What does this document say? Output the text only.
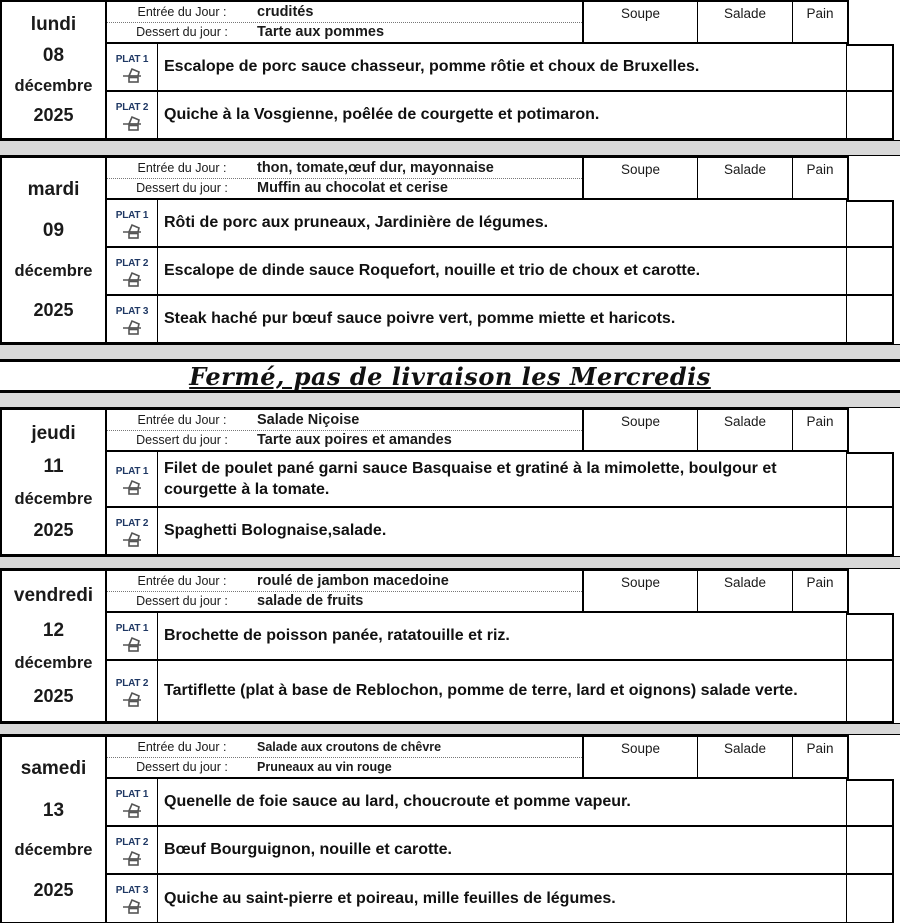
lundi
08
décembre
2025
Entrée du Jour :	crudités
Dessert du jour :	Tarte aux pommes
Soupe	Salade	Pain
PLAT 1 Escalope de porc sauce chasseur, pomme rôtie et choux de Bruxelles.
PLAT 2 Quiche à la Vosgienne, poêlée de courgette et potimaron.
mardi
09
décembre
2025
Entrée du Jour :	thon, tomate,œuf dur, mayonnaise
Dessert du jour :	Muffin au chocolat et cerise
Soupe	Salade	Pain
PLAT 1 Rôti de porc aux pruneaux, Jardinière de légumes.
PLAT 2 Escalope de dinde sauce Roquefort, nouille et trio de choux et carotte.
PLAT 3 Steak haché pur bœuf sauce poivre vert, pomme miette et haricots.
Fermé, pas de livraison les Mercredis
jeudi
11
décembre
2025
Entrée du Jour :	Salade Niçoise
Dessert du jour :	Tarte aux poires et amandes
Soupe	Salade	Pain
PLAT 1 Filet de poulet pané garni sauce Basquaise et gratiné à la mimolette, boulgour et courgette à la tomate.
PLAT 2 Spaghetti Bolognaise,salade.
vendredi
12
décembre
2025
Entrée du Jour :	roulé de jambon macedoine
Dessert du jour :	salade de fruits
Soupe	Salade	Pain
PLAT 1 Brochette de poisson panée, ratatouille et riz.
PLAT 2 Tartiflette (plat à base de Reblochon, pomme de terre, lard et oignons) salade verte.
samedi
13
décembre
2025
Entrée du Jour :	Salade aux croutons de chêvre
Dessert du jour :	Pruneaux au vin rouge
Soupe	Salade	Pain
PLAT 1 Quenelle de foie sauce au lard, choucroute et pomme vapeur.
PLAT 2 Bœuf Bourguignon, nouille et carotte.
PLAT 3 Quiche au saint-pierre et poireau, mille feuilles de légumes.
